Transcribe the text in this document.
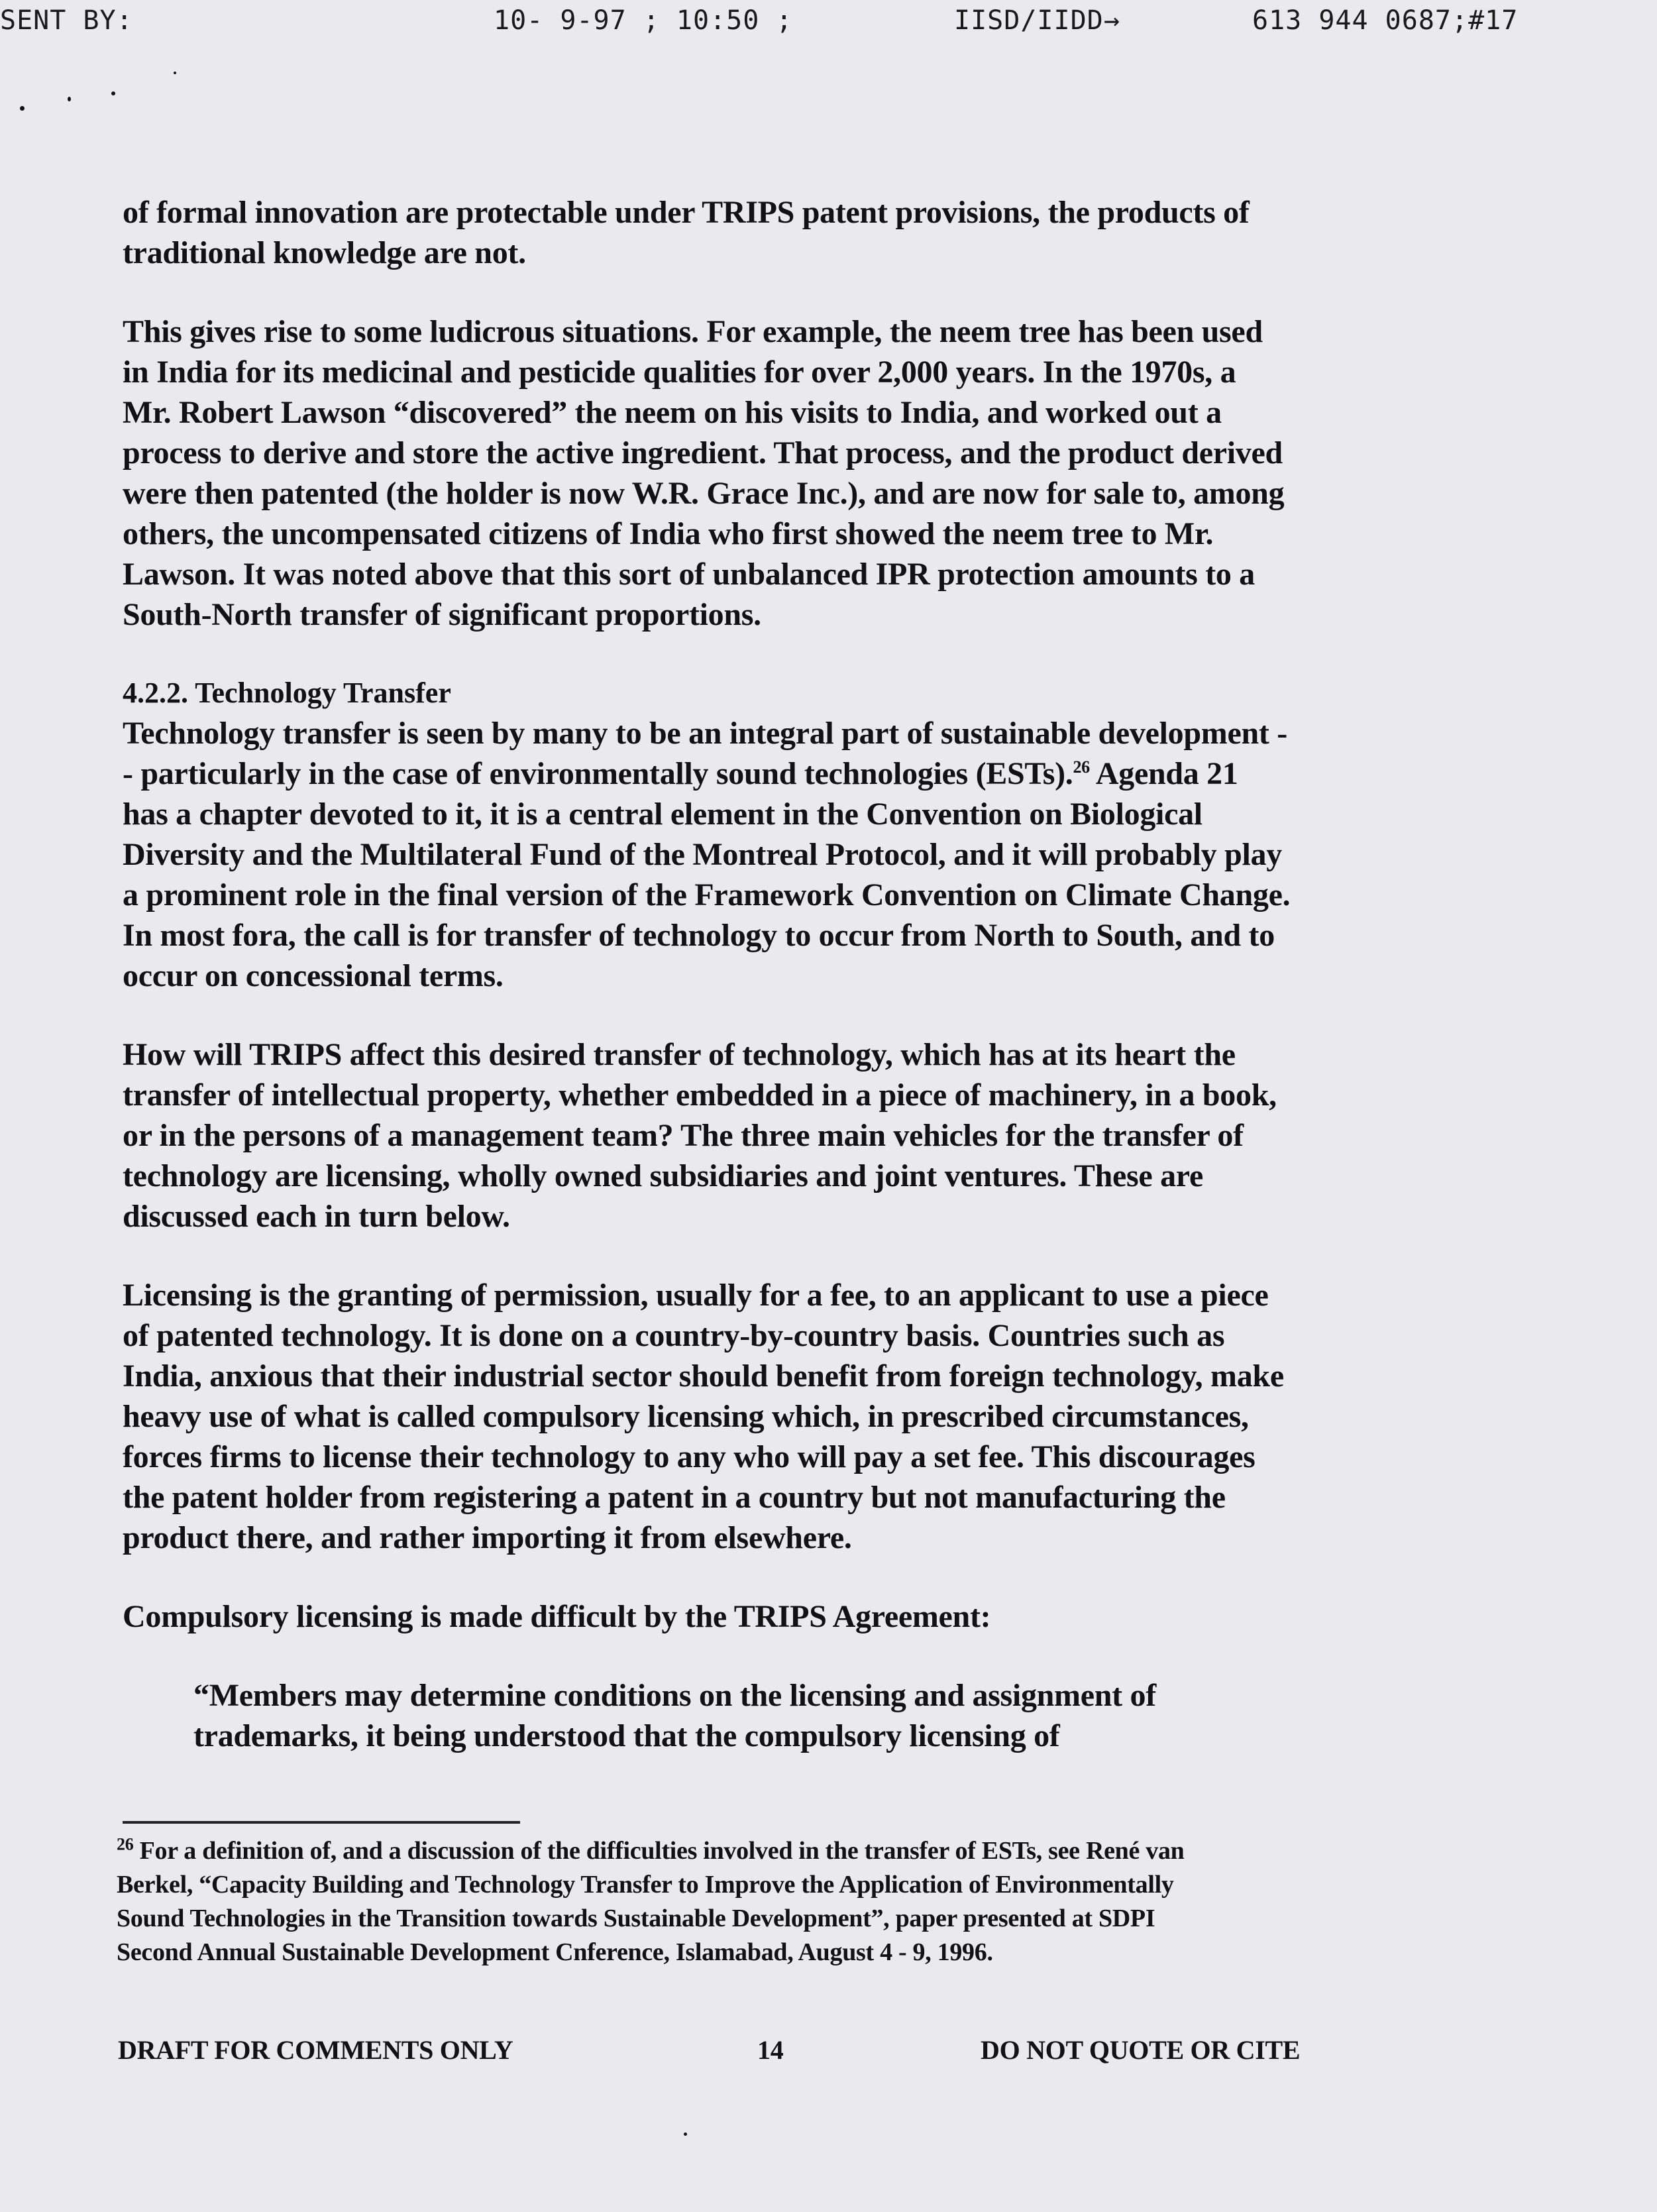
SENT BY:	10- 9-97 ; 10:50 ;	IISD/IIDD→	613 944 0687;#17
of formal innovation are protectable under TRIPS patent provisions, the products of
traditional knowledge are not.
This gives rise to some ludicrous situations. For example, the neem tree has been used
in India for its medicinal and pesticide qualities for over 2,000 years. In the 1970s, a
Mr. Robert Lawson “discovered” the neem on his visits to India, and worked out a
process to derive and store the active ingredient. That process, and the product derived
were then patented (the holder is now W.R. Grace Inc.), and are now for sale to, among
others, the uncompensated citizens of India who first showed the neem tree to Mr.
Lawson. It was noted above that this sort of unbalanced IPR protection amounts to a
South-North transfer of significant proportions.
4.2.2. Technology Transfer
Technology transfer is seen by many to be an integral part of sustainable development -
- particularly in the case of environmentally sound technologies (ESTs).$^{26}$ Agenda 21
has a chapter devoted to it, it is a central element in the Convention on Biological
Diversity and the Multilateral Fund of the Montreal Protocol, and it will probably play
a prominent role in the final version of the Framework Convention on Climate Change.
In most fora, the call is for transfer of technology to occur from North to South, and to
occur on concessional terms.
How will TRIPS affect this desired transfer of technology, which has at its heart the
transfer of intellectual property, whether embedded in a piece of machinery, in a book,
or in the persons of a management team? The three main vehicles for the transfer of
technology are licensing, wholly owned subsidiaries and joint ventures. These are
discussed each in turn below.
Licensing is the granting of permission, usually for a fee, to an applicant to use a piece
of patented technology. It is done on a country-by-country basis. Countries such as
India, anxious that their industrial sector should benefit from foreign technology, make
heavy use of what is called compulsory licensing which, in prescribed circumstances,
forces firms to license their technology to any who will pay a set fee. This discourages
the patent holder from registering a patent in a country but not manufacturing the
product there, and rather importing it from elsewhere.
Compulsory licensing is made difficult by the TRIPS Agreement:
“Members may determine conditions on the licensing and assignment of
trademarks, it being understood that the compulsory licensing of
$^{26}$ For a definition of, and a discussion of the difficulties involved in the transfer of ESTs, see René van
Berkel, “Capacity Building and Technology Transfer to Improve the Application of Environmentally
Sound Technologies in the Transition towards Sustainable Development”, paper presented at SDPI
Second Annual Sustainable Development Cnference, Islamabad, August 4 - 9, 1996.
DRAFT FOR COMMENTS ONLY	14	DO NOT QUOTE OR CITE
